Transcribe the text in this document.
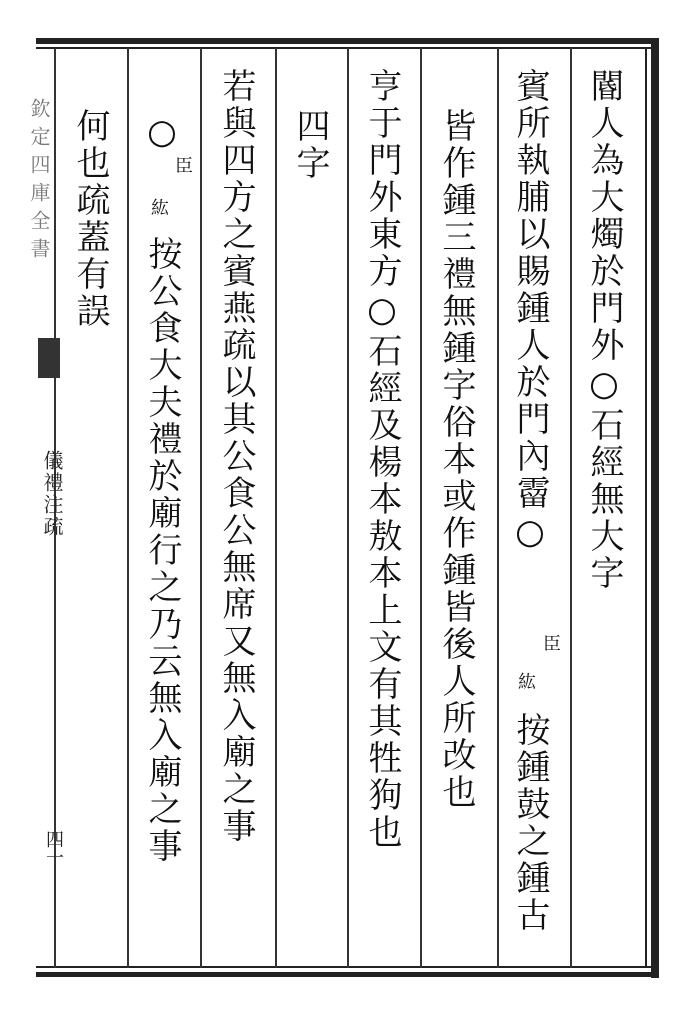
欽定四庫全書
儀禮注疏
四一
閽人為大燭於門外○石經無大字
賓所執脯以賜鍾人於門內霤○
臣
紘
按鍾鼓之鍾古
皆作鍾三禮無鍾字俗本或作鍾皆後人所改也
亨于門外東方○石經及楊本敖本上文有其牲狗也
四字
若與四方之賓燕疏以其公食公無席又無入廟之事
○
臣
紘
按公食大夫禮於廟行之乃云無入廟之事
何也疏蓋有誤
